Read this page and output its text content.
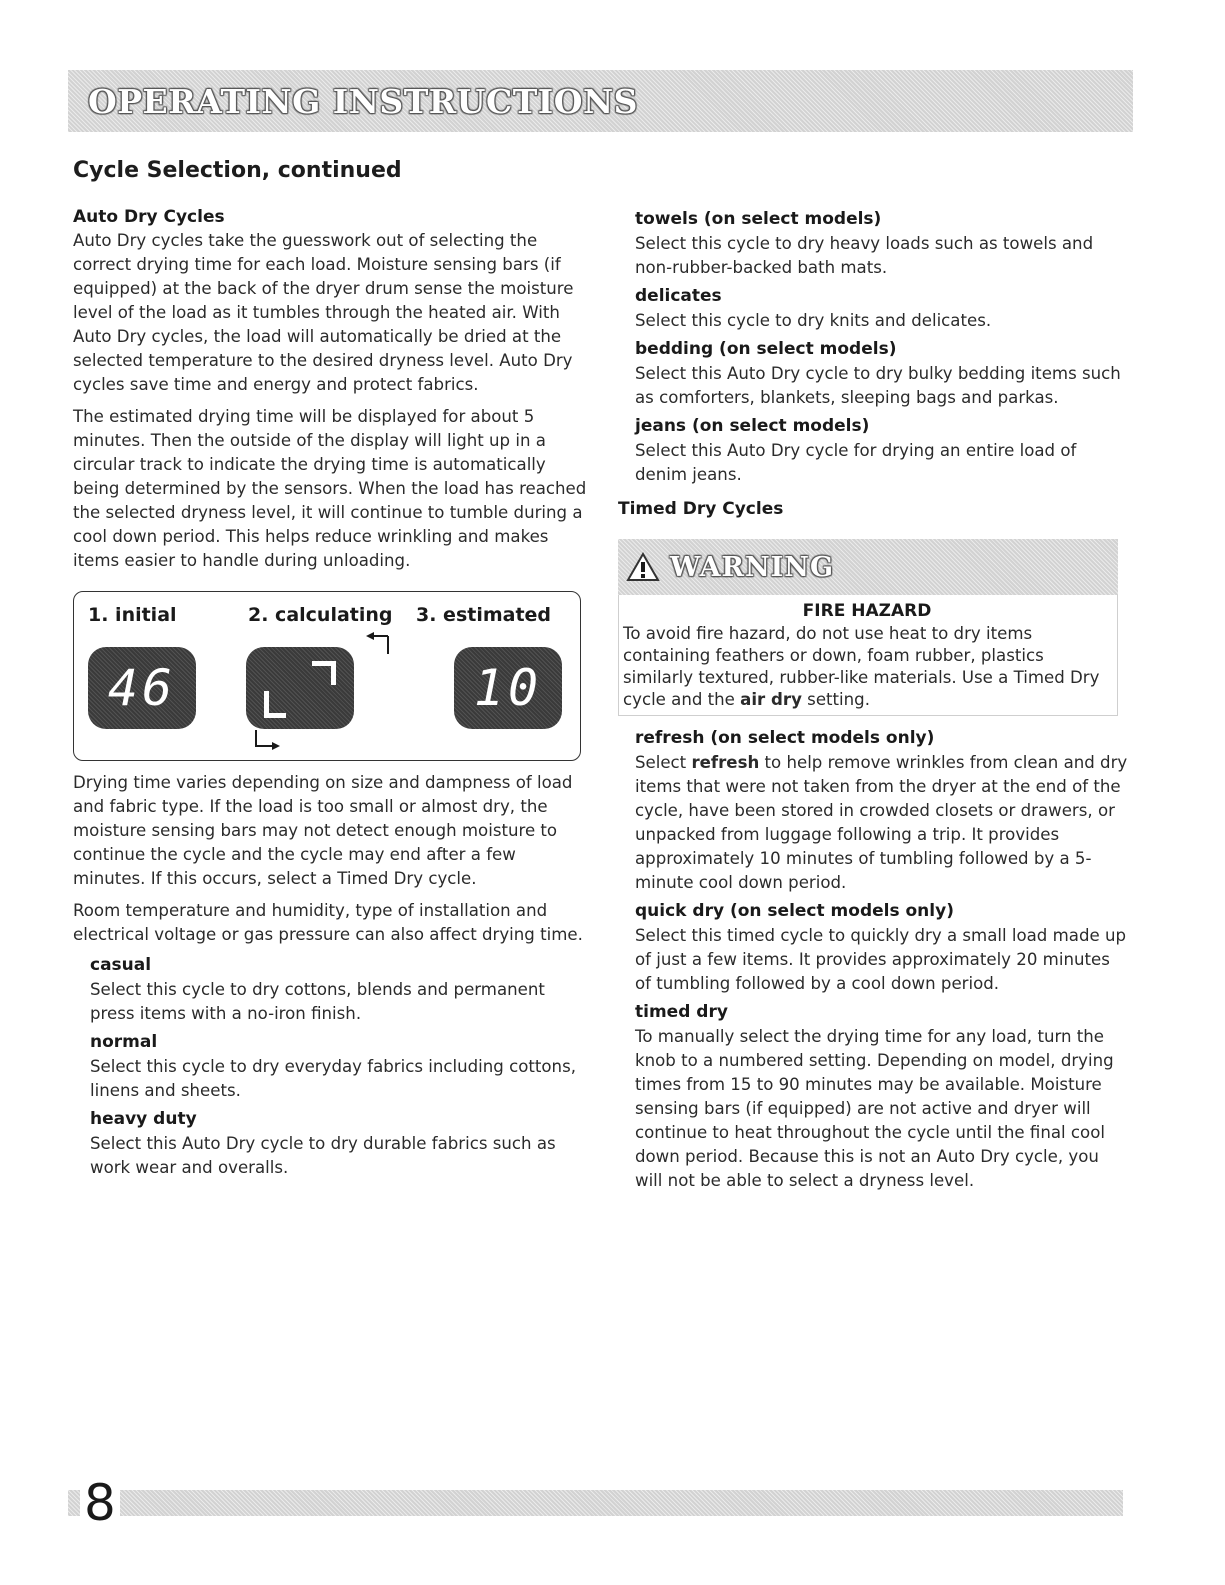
OPERATING INSTRUCTIONS
Cycle Selection, continued
Auto Dry Cycles

Auto Dry cycles take the guesswork out of selecting the correct drying time for each load. Moisture sensing bars (if equipped) at the back of the dryer drum sense the moisture level of the load as it tumbles through the heated air. With Auto Dry cycles, the load will automatically be dried at the selected temperature to the desired dryness level. Auto Dry cycles save time and energy and protect fabrics.

The estimated drying time will be displayed for about 5 minutes. Then the outside of the display will light up in a circular track to indicate the drying time is automatically being determined by the sensors. When the load has reached the selected dryness level, it will continue to tumble during a cool down period. This helps reduce wrinkling and makes items easier to handle during unloading.

1. initial	2. calculating 3. estimated
46	10

Drying time varies depending on size and dampness of load and fabric type. If the load is too small or almost dry, the moisture sensing bars may not detect enough moisture to continue the cycle and the cycle may end after a few minutes. If this occurs, select a Timed Dry cycle.

Room temperature and humidity, type of installation and electrical voltage or gas pressure can also affect drying time.

casual

Select this cycle to dry cottons, blends and permanent press items with a no-iron finish.

normal

Select this cycle to dry everyday fabrics including cottons, linens and sheets.

heavy duty

Select this Auto Dry cycle to dry durable fabrics such as work wear and overalls.

towels (on select models)

Select this cycle to dry heavy loads such as towels and non-rubber-backed bath mats.

delicates

Select this cycle to dry knits and delicates.

bedding (on select models)

Select this Auto Dry cycle to dry bulky bedding items such as comforters, blankets, sleeping bags and parkas.

jeans (on select models)

Select this Auto Dry cycle for drying an entire load of denim jeans.

Timed Dry Cycles
WARNING

FIRE HAZARD

To avoid fire hazard, do not use heat to dry items containing feathers or down, foam rubber, plastics similarly textured, rubber-like materials. Use a Timed Dry cycle and the air dry setting.

refresh (on select models only)

Select refresh to help remove wrinkles from clean and dry items that were not taken from the dryer at the end of the cycle, have been stored in crowded closets or drawers, or unpacked from luggage following a trip. It provides approximately 10 minutes of tumbling followed by a 5-minute cool down period.

quick dry (on select models only)

Select this timed cycle to quickly dry a small load made up of just a few items. It provides approximately 20 minutes of tumbling followed by a cool down period.

timed dry

To manually select the drying time for any load, turn the knob to a numbered setting. Depending on model, drying times from 15 to 90 minutes may be available. Moisture sensing bars (if equipped) are not active and dryer will continue to heat throughout the cycle until the final cool down period. Because this is not an Auto Dry cycle, you will not be able to select a dryness level.

8
